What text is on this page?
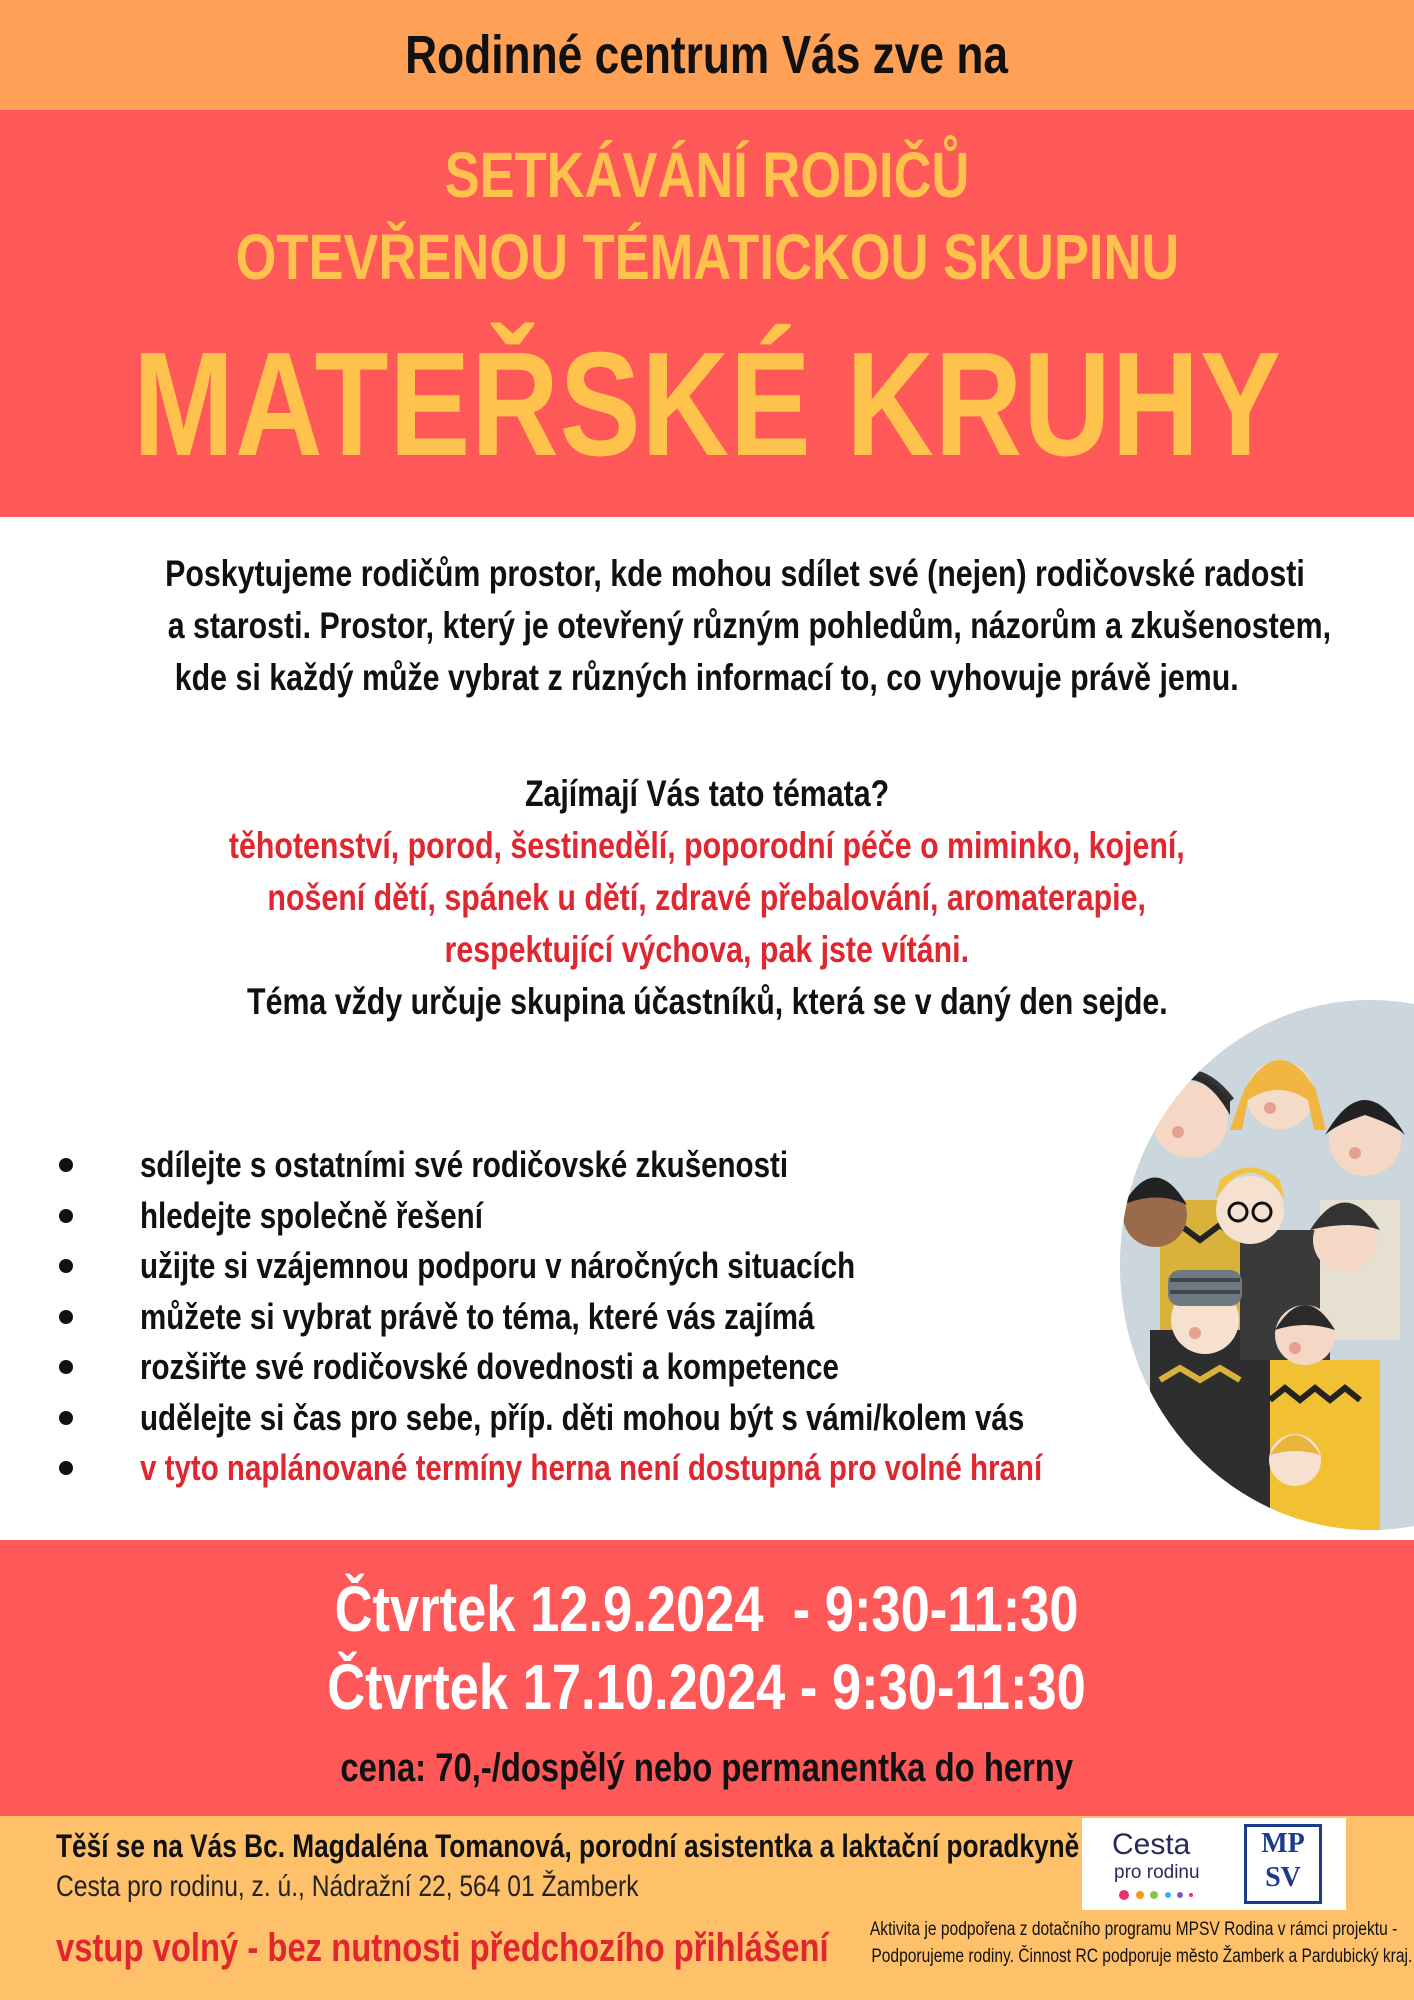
Rodinné centrum Vás zve na
SETKÁVÁNÍ RODIČŮ
OTEVŘENOU TÉMATICKOU SKUPINU
MATEŘSKÉ KRUHY
Poskytujeme rodičům prostor, kde mohou sdílet své (nejen) rodičovské radosti
a starosti. Prostor, který je otevřený různým pohledům, názorům a zkušenostem,
kde si každý může vybrat z různých informací to, co vyhovuje právě jemu.
Zajímají Vás tato témata?
těhotenství, porod, šestinedělí, poporodní péče o miminko, kojení,
nošení dětí, spánek u dětí, zdravé přebalování, aromaterapie,
respektující výchova, pak jste vítáni.
Téma vždy určuje skupina účastníků, která se v daný den sejde.
sdílejte s ostatními své rodičovské zkušenosti
hledejte společně řešení
užijte si vzájemnou podporu v náročných situacích
můžete si vybrat právě to téma, které vás zajímá
rozšiřte své rodičovské dovednosti a kompetence
udělejte si čas pro sebe, příp. děti mohou být s vámi/kolem vás
v tyto naplánované termíny herna není dostupná pro volné hraní
Čtvrtek 12.9.2024  - 9:30-11:30
Čtvrtek 17.10.2024 - 9:30-11:30
cena: 70,-/dospělý nebo permanentka do herny
Těší se na Vás Bc. Magdaléna Tomanová, porodní asistentka a laktační poradkyně
Cesta pro rodinu, z. ú., Nádražní 22, 564 01 Žamberk
vstup volný - bez nutnosti předchozího přihlášení	Aktivita je podpořena z dotačního programu MPSV Rodina v rámci projektu -
Podporujeme rodiny. Činnost RC podporuje město Žamberk a Pardubický kraj.
Cesta
pro rodinu
MP
SV
